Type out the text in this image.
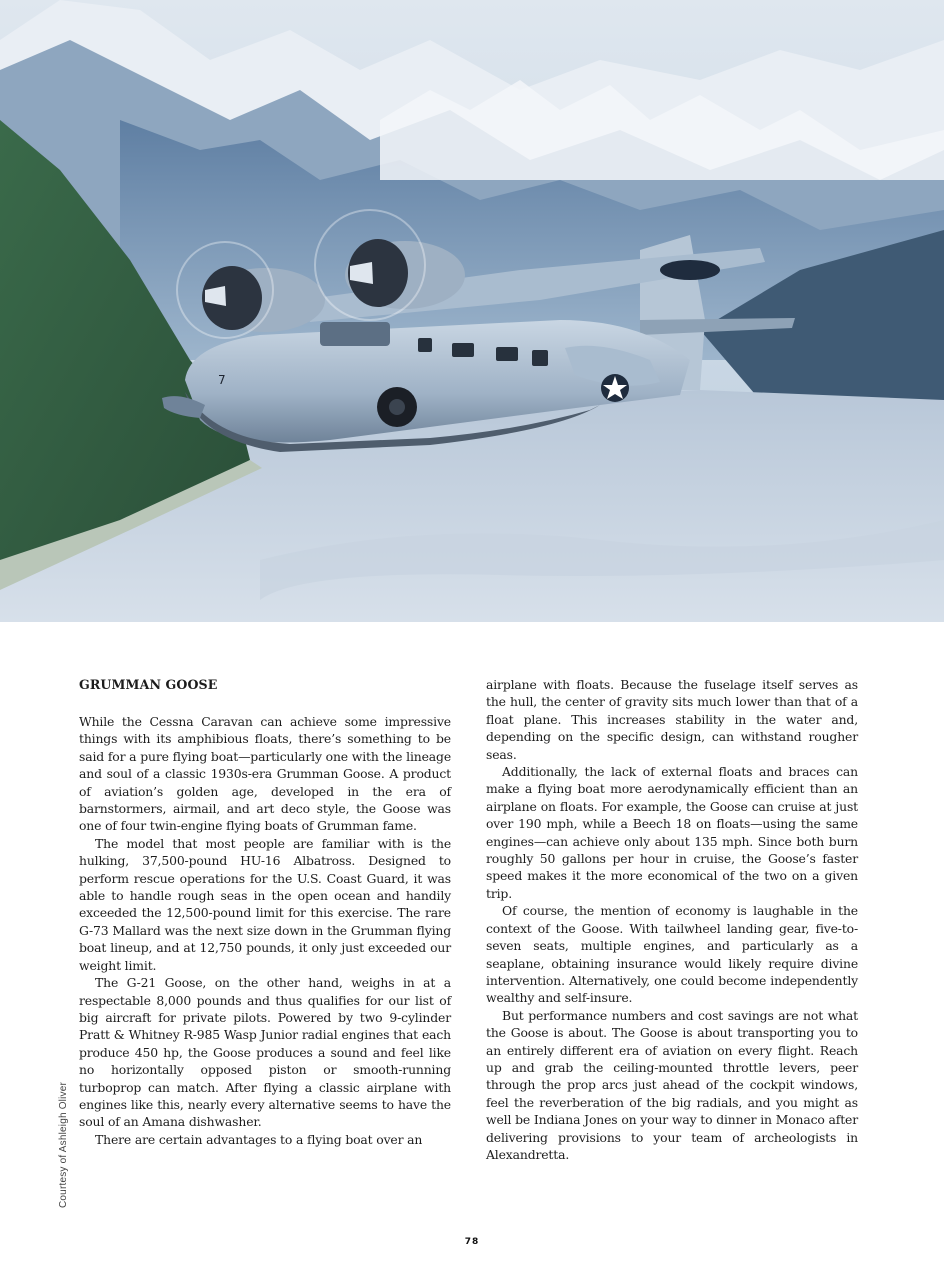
7
Courtesy of Ashleigh Oliver
GRUMMAN GOOSE

While the Cessna Caravan can achieve some impressive things with its amphibious floats, there’s something to be said for a pure flying boat—particularly one with the lineage and soul of a classic 1930s-era Grumman Goose. A product of aviation’s golden age, developed in the era of barnstormers, airmail, and art deco style, the Goose was one of four twin-engine flying boats of Grumman fame.

The model that most people are familiar with is the hulking, 37,500-pound HU-16 Albatross. Designed to perform rescue operations for the U.S. Coast Guard, it was able to handle rough seas in the open ocean and handily exceeded the 12,500-pound limit for this exercise. The rare G-73 Mallard was the next size down in the Grumman flying boat lineup, and at 12,750 pounds, it only just exceeded our weight limit.

The G-21 Goose, on the other hand, weighs in at a respectable 8,000 pounds and thus qualifies for our list of big aircraft for private pilots. Powered by two 9-cylinder Pratt & Whitney R-985 Wasp Junior radial engines that each produce 450 hp, the Goose produces a sound and feel like no horizontally opposed piston or smooth-running turboprop can match. After flying a classic airplane with engines like this, nearly every alternative seems to have the soul of an Amana dishwasher.

There are certain advantages to a flying boat over an

airplane with floats. Because the fuselage itself serves as the hull, the center of gravity sits much lower than that of a float plane. This increases stability in the water and, depending on the specific design, can withstand rougher seas.

Additionally, the lack of external floats and braces can make a flying boat more aerodynamically efficient than an airplane on floats. For example, the Goose can cruise at just over 190 mph, while a Beech 18 on floats—using the same engines—can achieve only about 135 mph. Since both burn roughly 50 gallons per hour in cruise, the Goose’s faster speed makes it the more economical of the two on a given trip.

Of course, the mention of economy is laughable in the context of the Goose. With tailwheel landing gear, five-to-seven seats, multiple engines, and particularly as a seaplane, obtaining insurance would likely require divine intervention. Alternatively, one could become independently wealthy and self-insure.

But performance numbers and cost savings are not what the Goose is about. The Goose is about transporting you to an entirely different era of aviation on every flight. Reach up and grab the ceiling-mounted throttle levers, peer through the prop arcs just ahead of the cockpit windows, feel the reverberation of the big radials, and you might as well be Indiana Jones on your way to dinner in Monaco after delivering provisions to your team of archeologists in Alexandretta.

78
